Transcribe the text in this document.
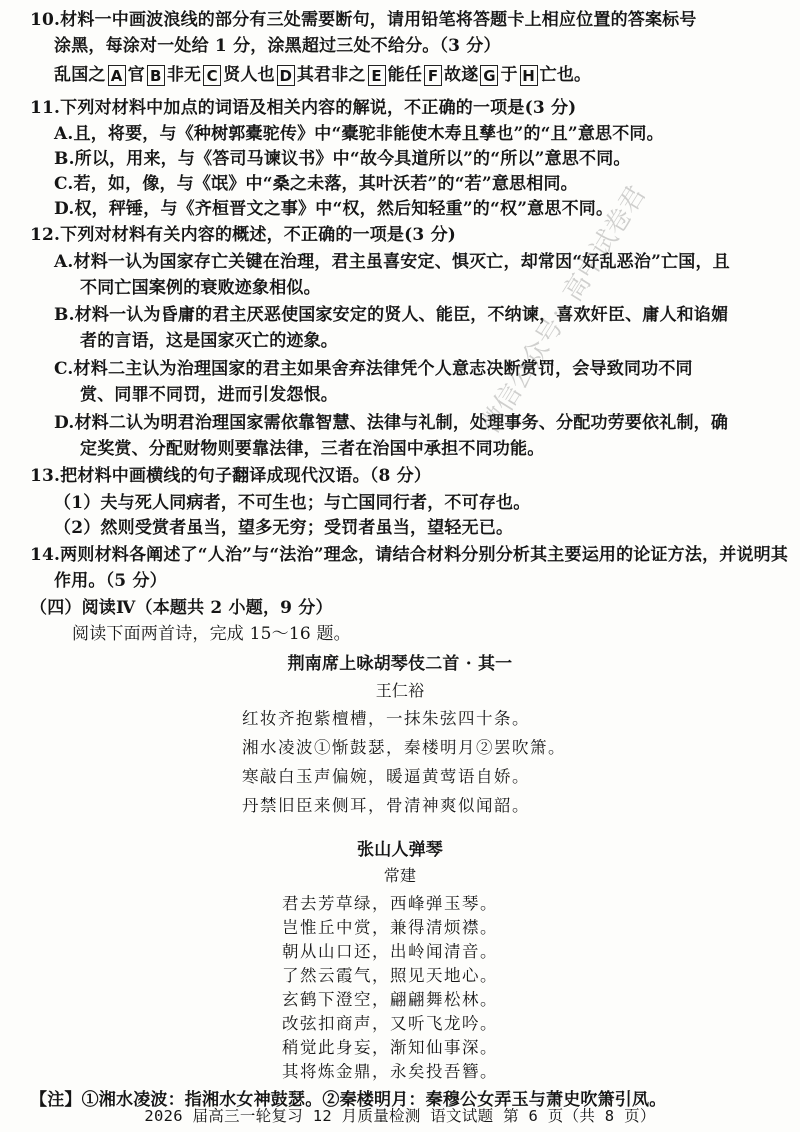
10.材料一中画波浪线的部分有三处需要断句，请用铅笔将答题卡上相应位置的答案标号
涂黑，每涂对一处给 1 分，涂黑超过三处不给分。（3 分）
乱国之 A 官 B 非无 C 贤人也 D 其君非之 E 能任 F 故遂 G 于 H 亡也。
11.下列对材料中加点的词语及相关内容的解说，不正确的一项是(3 分)
A.且，将要，与《种树郭橐驼传》中“橐驼非能使木寿且孳也”的“且”意思不同。
B.所以，用来，与《答司马谏议书》中“故今具道所以”的“所以”意思不同。
C.若，如，像，与《氓》中“桑之未落，其叶沃若”的“若”意思相同。
D.权，秤锤，与《齐桓晋文之事》中“权，然后知轻重”的“权”意思不同。
12.下列对材料有关内容的概述，不正确的一项是(3 分)
A.材料一认为国家存亡关键在治理，君主虽喜安定、惧灭亡，却常因“好乱恶治”亡国，且
不同亡国案例的衰败迹象相似。
B.材料一认为昏庸的君主厌恶使国家安定的贤人、能臣，不纳谏，喜欢奸臣、庸人和谄媚
者的言语，这是国家灭亡的迹象。
C.材料二主认为治理国家的君主如果舍弃法律凭个人意志决断赏罚，会导致同功不同
赏、同罪不同罚，进而引发怨恨。
D.材料二认为明君治理国家需依靠智慧、法律与礼制，处理事务、分配功劳要依礼制，确
定奖赏、分配财物则要靠法律，三者在治国中承担不同功能。
13.把材料中画横线的句子翻译成现代汉语。（8 分）
（1）夫与死人同病者，不可生也；与亡国同行者，不可存也。
（2）然则受赏者虽当，望多无穷；受罚者虽当，望轻无已。
14.两则材料各阐述了“人治”与“法治”理念，请结合材料分别分析其主要运用的论证方法，并说明其
作用。（5 分）
（四）阅读Ⅳ（本题共 2 小题，9 分）
阅读下面两首诗，完成 15～16 题。
荆南席上咏胡琴伎二首 · 其一
王仁裕
红妆齐抱紫檀槽，一抹朱弦四十条。
湘水凌波①惭鼓瑟，秦楼明月②罢吹箫。
寒敲白玉声偏婉，暖逼黄莺语自娇。
丹禁旧臣来侧耳，骨清神爽似闻韶。
张山人弹琴
常建
君去芳草绿，西峰弹玉琴。
岂惟丘中赏，兼得清烦襟。
朝从山口还，出岭闻清音。
了然云霞气，照见天地心。
玄鹤下澄空，翩翩舞松林。
改弦扣商声，又听飞龙吟。
2026 届高三一轮复习 12 月质量检测 语文试题 第 6 页（共 8 页）
微信公众号：高中试卷君
稍觉此身妄，渐知仙事深。
其将炼金鼎，永矣投吾簪。
【注】①湘水凌波：指湘水女神鼓瑟。②秦楼明月：秦穆公女弄玉与萧史吹箫引凤。
